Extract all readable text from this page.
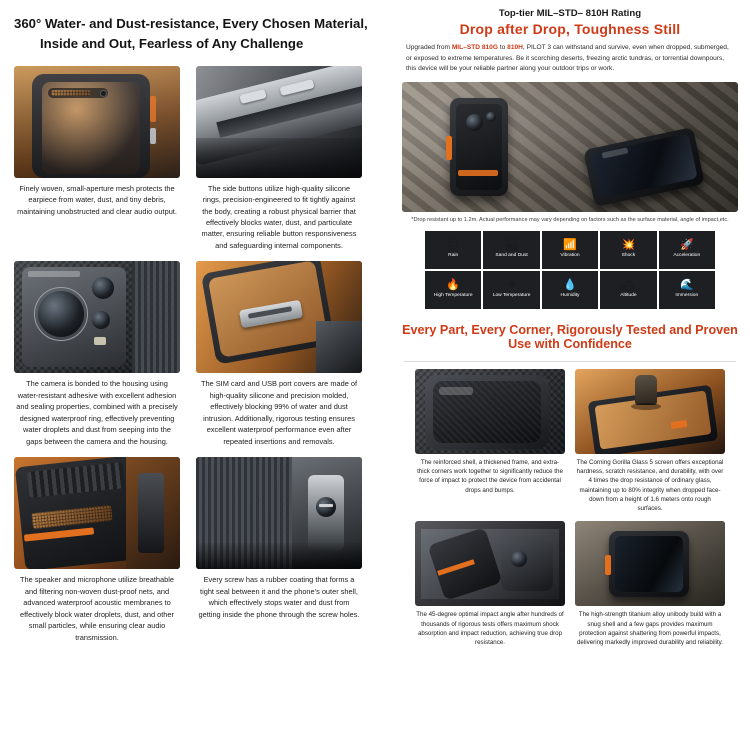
360° Water- and Dust-resistance, Every Chosen Material,
Inside and Out, Fearless of Any Challenge
Finely woven, small-aperture mesh protects the earpiece from water, dust, and tiny debris, maintaining unobstructed and clear audio output.
The side buttons utilize high-quality silicone rings, precision-engineered to fit tightly against the body, creating a robust physical barrier that effectively blocks water, dust, and particulate matter, ensuring reliable button responsiveness and safeguarding internal components.
The camera is bonded to the housing using water-resistant adhesive with excellent adhesion and sealing properties, combined with a precisely designed waterproof ring, effectively preventing water droplets and dust from seeping into the gaps between the camera and the housing.
The SIM card and USB port covers are made of high-quality silicone and precision molded, effectively blocking 99% of water and dust intrusion. Additionally, rigorous testing ensures excellent waterproof performance even after repeated insertions and removals.
The speaker and microphone utilize breathable and filtering non-woven dust-proof nets, and advanced waterproof acoustic membranes to effectively block water droplets, dust, and other small particles, while ensuring clear audio transmission.
Every screw has a rubber coating that forms a tight seal between it and the phone's outer shell, which effectively stops water and dust from getting inside the phone through the screw holes.
Top-tier MIL–STD– 810H Rating
Drop after Drop, Toughness Still
Upgraded from MIL–STD 810G to 810H, PILOT 3 can withstand and survive, even when dropped, submerged, or exposed to extreme temperatures. Be it scorching deserts, freezing arctic tundras, or torrential downpours, this device will be your reliable partner along your outdoor trips or work.
*Drop resistant up to 1.2m. Actual performance may vary depending on factors such as the surface material, angle of impact,etc.
🌧
Rain
🏜
Sand and Dust
📶
Vibration
💥
Shock
🚀
Acceleration
🔥
High Temperature
❄
Low Temperature
💧
Humidity
🏔
Altitude
🌊
Immersion
Every Part, Every Corner, Rigorously Tested and Proven
Use with Confidence
The reinforced shell, a thickened frame, and extra-thick corners work together to significantly reduce the force of impact to protect the device from accidental drops and bumps.
The Corning Gorilla Glass 5 screen offers exceptional hardness, scratch resistance, and durability, with over 4 times the drop resistance of ordinary glass, maintaining up to 80% integrity when dropped face-down from a height of 1.6 meters onto rough surfaces.
The 45-degree optimal impact angle after hundreds of thousands of rigorous tests offers maximum shock absorption and impact reduction, achieving true drop resistance.
The high-strength titanium alloy unibody build with a snug shell and a few gaps provides maximum protection against shattering from powerful impacts, delivering markedly improved durability and reliability.
